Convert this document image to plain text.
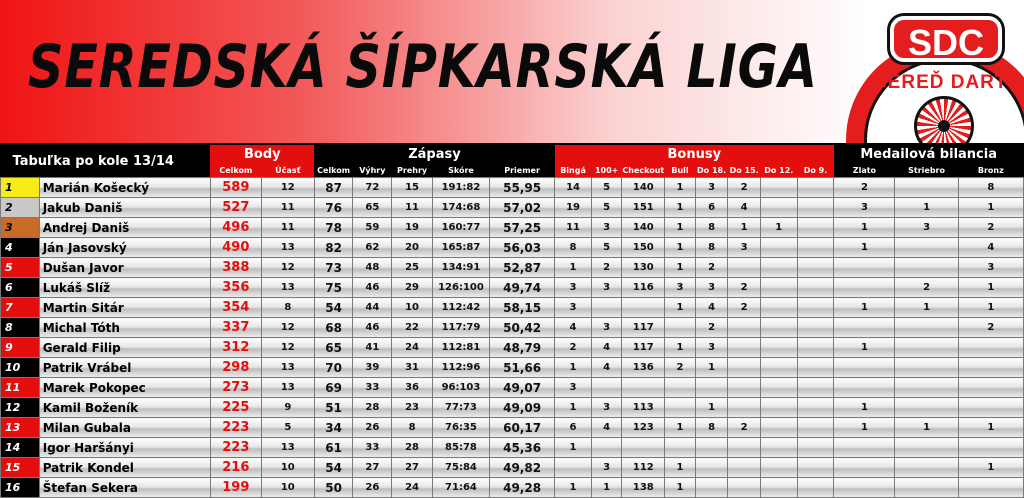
SEREDSKÁ ŠÍPKARSKÁ LIGA	SEREĎ DARTS
SDC
Tabuľka po kole 13/14		Body		Zápasy					Bonusy								Medailová bilancia		
		Celkom	Účasť	Celkom	Výhry	Prehry	Skóre	Priemer	Bingá	100+	Checkout	Bull	Do 18.	Do 15.	Do 12.	Do 9.	Zlato	Striebro	Bronz
1	Marián Košecký	589	12	87	72	15	191:82	55,95	14	5	140	1	3	2			2		8
2	Jakub Daniš	527	11	76	65	11	174:68	57,02	19	5	151	1	6	4			3	1	1
3	Andrej Daniš	496	11	78	59	19	160:77	57,25	11	3	140	1	8	1	1		1	3	2
4	Ján Jasovský	490	13	82	62	20	165:87	56,03	8	5	150	1	8	3			1		4
5	Dušan Javor	388	12	73	48	25	134:91	52,87	1	2	130	1	2						3
6	Lukáš Slíž	356	13	75	46	29	126:100	49,74	3	3	116	3	3	2				2	1
7	Martin Sitár	354	8	54	44	10	112:42	58,15	3			1	4	2			1	1	1
8	Michal Tóth	337	12	68	46	22	117:79	50,42	4	3	117		2						2
9	Gerald Filip	312	12	65	41	24	112:81	48,79	2	4	117	1	3				1		
10	Patrik Vrábel	298	13	70	39	31	112:96	51,66	1	4	136	2	1						
11	Marek Pokopec	273	13	69	33	36	96:103	49,07	3										
12	Kamil Boženík	225	9	51	28	23	77:73	49,09	1	3	113		1				1		
13	Milan Gubala	223	5	34	26	8	76:35	60,17	6	4	123	1	8	2			1	1	1
14	Igor Haršányi	223	13	61	33	28	85:78	45,36	1										
15	Patrik Kondel	216	10	54	27	27	75:84	49,82		3	112	1							1
16	Štefan Sekera	199	10	50	26	24	71:64	49,28	1	1	138	1							
